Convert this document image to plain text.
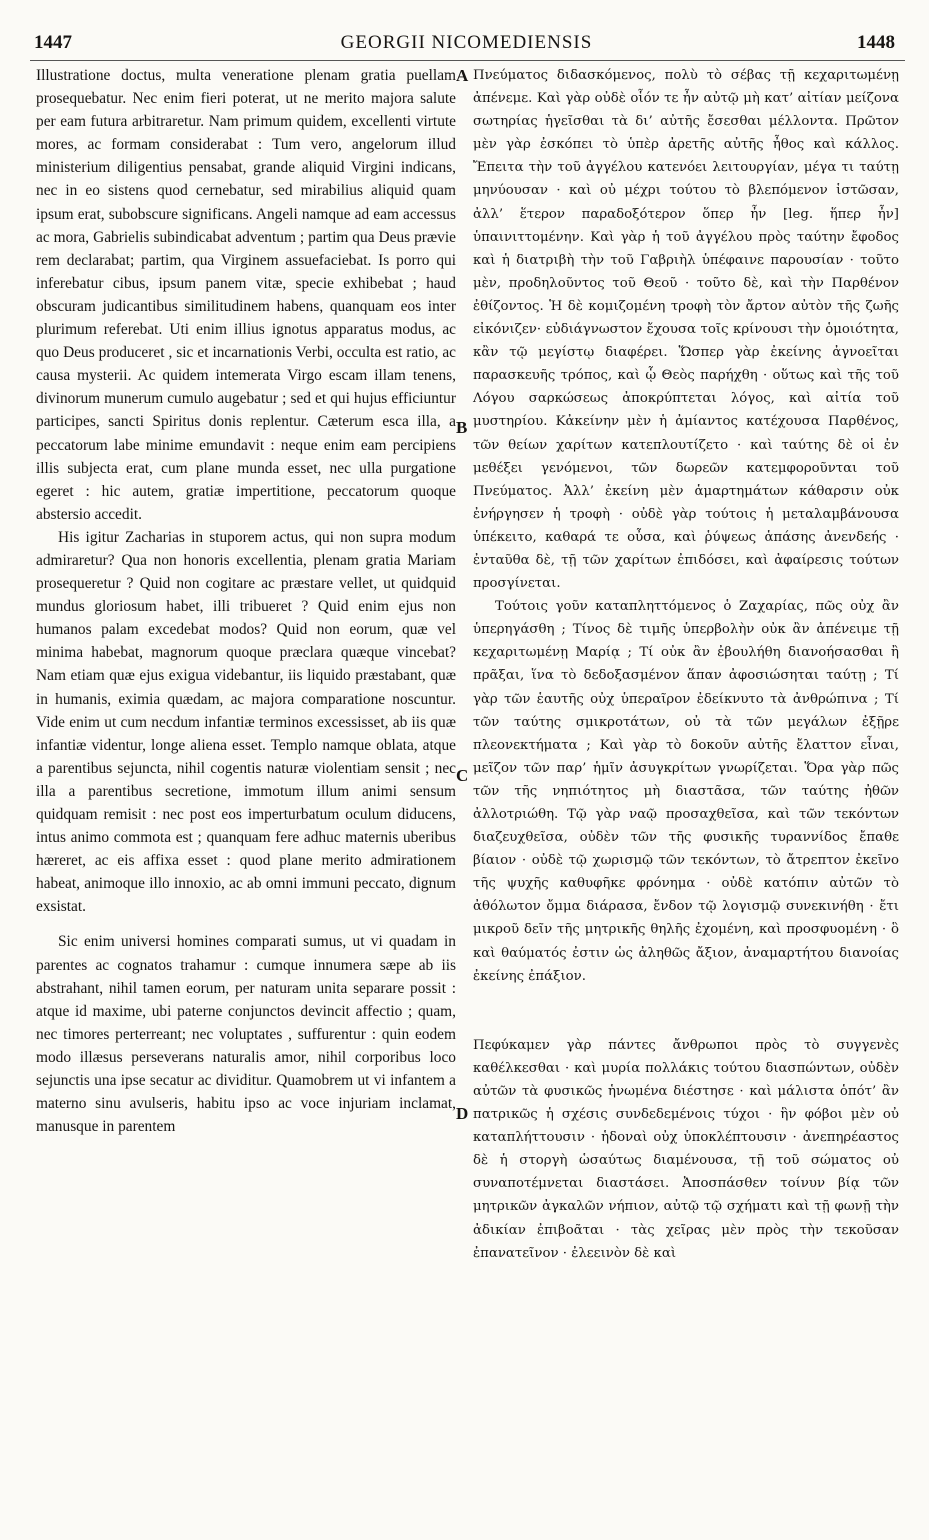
1447	GEORGII NICOMEDIENSIS	1448

Illustratione doctus, multa veneratione plenam gratia puellam prosequebatur. Nec enim fieri poterat, ut ne merito majora salute per eam futura arbitraretur. Nam primum quidem, excellenti virtute mores, ac formam considerabat : Tum vero, angelorum illud ministerium diligentius pensabat, grande aliquid Virgini indicans, nec in eo sistens quod cernebatur, sed mirabilius aliquid quam ipsum erat, subobscure significans. Angeli namque ad eam accessus ac mora, Gabrielis subindicabat adventum ; partim qua Deus prævie rem declarabat; partim, qua Virginem assuefaciebat. Is porro qui inferebatur cibus, ipsum panem vitæ, specie exhibebat ; haud obscuram judicantibus similitudinem habens, quanquam eos inter plurimum referebat. Uti enim illius ignotus apparatus modus, ac quo Deus produceret , sic et incarnationis Verbi, occulta est ratio, ac causa mysterii. Ac quidem intemerata Virgo escam illam tenens, divinorum munerum cumulo augebatur ; sed et qui hujus efficiuntur participes, sancti Spiritus donis replentur. Cæterum esca illa, a peccatorum labe minime emundavit : neque enim eam percipiens illis subjecta erat, cum plane munda esset, nec ulla purgatione egeret : hic autem, gratiæ impertitione, peccatorum quoque abstersio accedit.

His igitur Zacharias in stuporem actus, qui non supra modum admiraretur? Qua non honoris excellentia, plenam gratia Mariam prosequeretur ? Quid non cogitare ac præstare vellet, ut quidquid mundus gloriosum habet, illi tribueret ? Quid enim ejus non humanos palam excedebat modos? Quid non eorum, quæ vel minima habebat, magnorum quoque præclara quæque vincebat? Nam etiam quæ ejus exigua videbantur, iis liquido præstabant, quæ in humanis, eximia quædam, ac majora comparatione noscuntur. Vide enim ut cum necdum infantiæ terminos excessisset, ab iis quæ infantiæ videntur, longe aliena esset. Templo namque oblata, atque a parentibus sejuncta, nihil cogentis naturæ violentiam sensit ; nec illa a parentibus secretione, immotum illum animi sensum quidquam remisit : nec post eos imperturbatum oculum diducens, intus animo commota est ; quanquam fere adhuc maternis uberibus hæreret, ac eis affixa esset : quod plane merito admirationem habeat, animoque illo innoxio, ac ab omni immuni peccato, dignum exsistat.

Sic enim universi homines comparati sumus, ut vi quadam in parentes ac cognatos trahamur : cumque innumera sæpe ab iis abstrahant, nihil tamen eorum, per naturam unita separare possit : atque id maxime, ubi paterne conjunctos devincit affectio ; quam, nec timores perterreant; nec voluptates , suffurentur : quin eodem modo illæsus perseverans naturalis amor, nihil corporibus loco sejunctis una ipse secatur ac dividitur. Quamobrem ut vi infantem a materno sinu avulseris, habitu ipso ac voce injuriam inclamat, manusque in parentem

A
B
C
D

Πνεύματος διδασκόμενος, πολὺ τὸ σέβας τῇ κεχαριτωμένῃ ἀπένεμε. Καὶ γὰρ οὐδὲ οἷόν τε ἦν αὐτῷ μὴ κατ’ αἰτίαν μείζονα σωτηρίας ἡγεῖσθαι τὰ δι’ αὐτῆς ἔσεσθαι μέλλοντα. Πρῶτον μὲν γὰρ ἐσκόπει τὸ ὑπὲρ ἀρετῆς αὐτῆς ἦθος καὶ κάλλος. Ἔπειτα τὴν τοῦ ἀγγέλου κατενόει λειτουργίαν, μέγα τι ταύτῃ μηνύουσαν · καὶ οὐ μέχρι τούτου τὸ βλεπόμενον ἱστῶσαν, ἀλλ’ ἕτερον παραδοξότερον ὅπερ ἦν [leg. ἥπερ ἦν] ὑπαινιττομένην. Καὶ γὰρ ἡ τοῦ ἀγγέλου πρὸς ταύτην ἔφοδος καὶ ἡ διατριβὴ τὴν τοῦ Γαβριὴλ ὑπέφαινε παρουσίαν · τοῦτο μὲν, προδηλοῦντος τοῦ Θεοῦ · τοῦτο δὲ, καὶ τὴν Παρθένον ἐθίζοντος. Ἡ δὲ κομιζομένη τροφὴ τὸν ἄρτον αὐτὸν τῆς ζωῆς εἰκόνιζεν· εὐδιάγνωστον ἔχουσα τοῖς κρίνουσι τὴν ὁμοιότητα, κἂν τῷ μεγίστῳ διαφέρει. Ὥσπερ γὰρ ἐκείνης ἀγνοεῖται παρασκευῆς τρόπος, καὶ ᾧ Θεὸς παρήχθη · οὕτως καὶ τῆς τοῦ Λόγου σαρκώσεως ἀποκρύπτεται λόγος, καὶ αἰτία τοῦ μυστηρίου. Κἀκείνην μὲν ἡ ἀμίαντος κατέχουσα Παρθένος, τῶν θείων χαρίτων κατεπλουτίζετο · καὶ ταύτης δὲ οἱ ἐν μεθέξει γενόμενοι, τῶν δωρεῶν κατεμφοροῦνται τοῦ Πνεύματος. Ἀλλ’ ἐκείνη μὲν ἁμαρτημάτων κάθαρσιν οὐκ ἐνήργησεν ἡ τροφὴ · οὐδὲ γὰρ τούτοις ἡ μεταλαμβάνουσα ὑπέκειτο, καθαρά τε οὖσα, καὶ ῥύψεως ἁπάσης ἀνενδεής · ἐνταῦθα δὲ, τῇ τῶν χαρίτων ἐπιδόσει, καὶ ἀφαίρεσις τούτων προσγίνεται.

Τούτοις γοῦν καταπληττόμενος ὁ Ζαχαρίας, πῶς οὐχ ἂν ὑπερηγάσθη ; Τίνος δὲ τιμῆς ὑπερβολὴν οὐκ ἂν ἀπένειμε τῇ κεχαριτωμένῃ Μαρίᾳ ; Τί οὐκ ἂν ἐβουλήθη διανοήσασθαι ἢ πρᾶξαι, ἵνα τὸ δεδοξασμένον ἅπαν ἀφοσιώσηται ταύτῃ ; Τί γὰρ τῶν ἑαυτῆς οὐχ ὑπεραῖρον ἐδείκνυτο τὰ ἀνθρώπινα ; Τί τῶν ταύτης σμικροτάτων, οὐ τὰ τῶν μεγάλων ἐξῇρε πλεονεκτήματα ; Καὶ γὰρ τὸ δοκοῦν αὐτῆς ἔλαττον εἶναι, μεῖζον τῶν παρ’ ἡμῖν ἀσυγκρίτων γνωρίζεται. Ὅρα γὰρ πῶς τῶν τῆς νηπιότητος μὴ διαστᾶσα, τῶν ταύτης ἠθῶν ἀλλοτριώθη. Τῷ γὰρ ναῷ προσαχθεῖσα, καὶ τῶν τεκόντων διαζευχθεῖσα, οὐδὲν τῶν τῆς φυσικῆς τυραννίδος ἔπαθε βίαιον · οὐδὲ τῷ χωρισμῷ τῶν τεκόντων, τὸ ἄτρεπτον ἐκεῖνο τῆς ψυχῆς καθυφῆκε φρόνημα · οὐδὲ κατόπιν αὐτῶν τὸ ἀθόλωτον ὄμμα διάρασα, ἔνδον τῷ λογισμῷ συνεκινήθη · ἔτι μικροῦ δεῖν τῆς μητρικῆς θηλῆς ἐχομένη, καὶ προσφυομένη · ὃ καὶ θαύματός ἐστιν ὡς ἀληθῶς ἄξιον, ἀναμαρτήτου διανοίας ἐκείνης ἐπάξιον.

Πεφύκαμεν γὰρ πάντες ἄνθρωποι πρὸς τὸ συγγενὲς καθέλκεσθαι · καὶ μυρία πολλάκις τούτου διασπώντων, οὐδὲν αὐτῶν τὰ φυσικῶς ἡνωμένα διέστησε · καὶ μάλιστα ὁπότ’ ἂν πατρικῶς ἡ σχέσις συνδεδεμένοις τύχοι · ἣν φόβοι μὲν οὐ καταπλήττουσιν · ἡδοναὶ οὐχ ὑποκλέπτουσιν · ἀνεπηρέαστος δὲ ἡ στοργὴ ὡσαύτως διαμένουσα, τῇ τοῦ σώματος οὐ συναποτέμνεται διαστάσει. Ἀποσπάσθεν τοίνυν βίᾳ τῶν μητρικῶν ἀγκαλῶν νήπιον, αὐτῷ τῷ σχήματι καὶ τῇ φωνῇ τὴν ἀδικίαν ἐπιβοᾶται · τὰς χεῖρας μὲν πρὸς τὴν τεκοῦσαν ἐπανατεῖνον · ἐλεεινὸν δὲ καὶ
